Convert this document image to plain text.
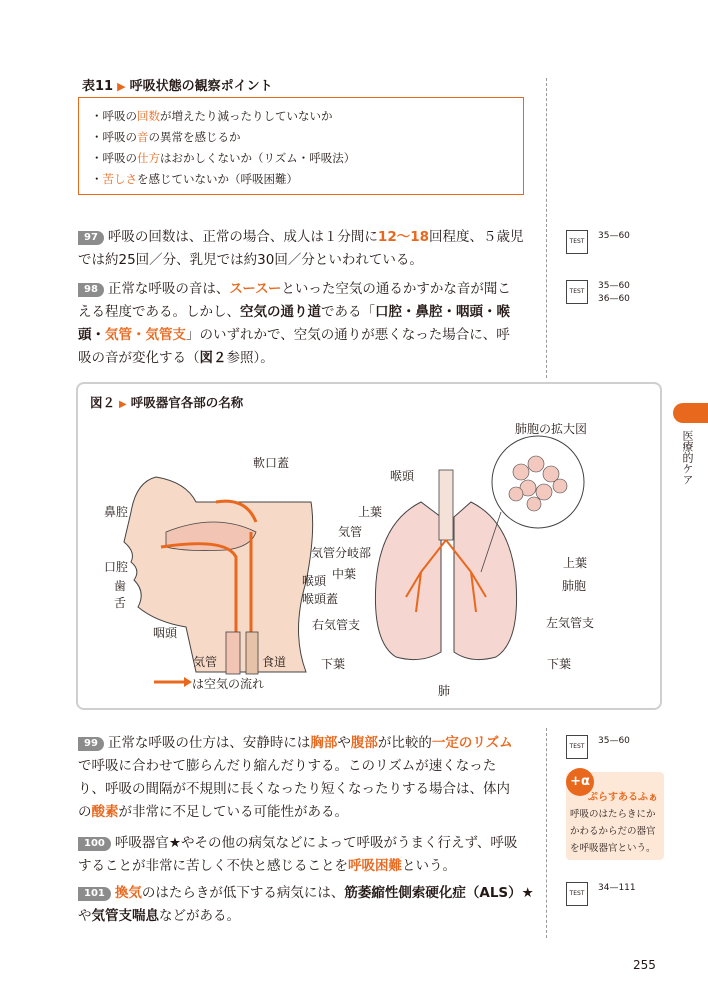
表11 ▶ 呼吸状態の観察ポイント
・呼吸の回数が増えたり減ったりしていないか
・呼吸の音の異常を感じるか
・呼吸の仕方はおかしくないか（リズム・呼吸法）
・苦しさを感じていないか（呼吸困難）
97 呼吸の回数は、正常の場合、成人は１分間に12〜18回程度、５歳児
では約25回／分、乳児では約30回／分といわれている。
TEST
35—60
98 正常な呼吸の音は、スースーといった空気の通るかすかな音が聞こ
える程度である。しかし、空気の通り道である「口腔・鼻腔・咽頭・喉
頭・気管・気管支」のいずれかで、空気の通りが悪くなった場合に、呼
吸の音が変化する（図２参照）。
TEST
35—60
36—60
医療的ケア
図２ ▶ 呼吸器官各部の名称
軟口蓋
鼻腔
口腔
歯
舌
咽頭
喉頭
喉頭蓋
気管	食道
は空気の流れ
肺胞の拡大図
喉頭
上葉
気管
気管分岐部
中葉
右気管支
下葉
肺
上葉
肺胞
左気管支
下葉
99 正常な呼吸の仕方は、安静時には胸部や腹部が比較的一定のリズム
で呼吸に合わせて膨らんだり縮んだりする。このリズムが速くなった
り、呼吸の間隔が不規則に長くなったり短くなったりする場合は、体内
の酸素が非常に不足している可能性がある。
TEST
35—60
100 呼吸器官★やその他の病気などによって呼吸がうまく行えず、呼吸
することが非常に苦しく不快と感じることを呼吸困難という。
101 換気のはたらきが低下する病気には、筋萎縮性側索硬化症（ALS）★
や気管支喘息などがある。
TEST
34—111
+α
ぷらすあるふぁ
呼吸のはたらきにかかわるからだの器官を呼吸器官という。
255
